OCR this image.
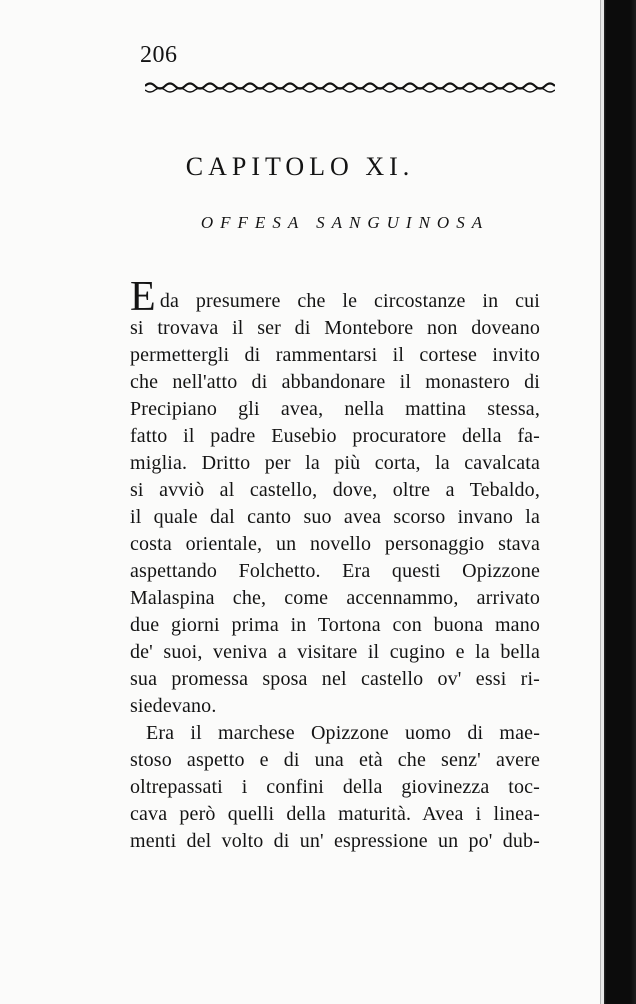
206
CAPITOLO XI.
OFFESA SANGUINOSA
Eda presumere che le circostanze in cui
si trovava il ser di Montebore non doveano
permettergli di rammentarsi il cortese invito
che nell'atto di abbandonare il monastero di
Precipiano gli avea, nella mattina stessa,
fatto il padre Eusebio procuratore della fa-
miglia. Dritto per la più corta, la cavalcata
si avviò al castello, dove, oltre a Tebaldo,
il quale dal canto suo avea scorso invano la
costa orientale, un novello personaggio stava
aspettando Folchetto. Era questi Opizzone
Malaspina che, come accennammo, arrivato
due giorni prima in Tortona con buona mano
de' suoi, veniva a visitare il cugino e la bella
sua promessa sposa nel castello ov' essi ri-
siedevano.
Era il marchese Opizzone uomo di mae-
stoso aspetto e di una età che senz' avere
oltrepassati i confini della giovinezza toc-
cava però quelli della maturità. Avea i linea-
menti del volto di un' espressione un po' dub-
